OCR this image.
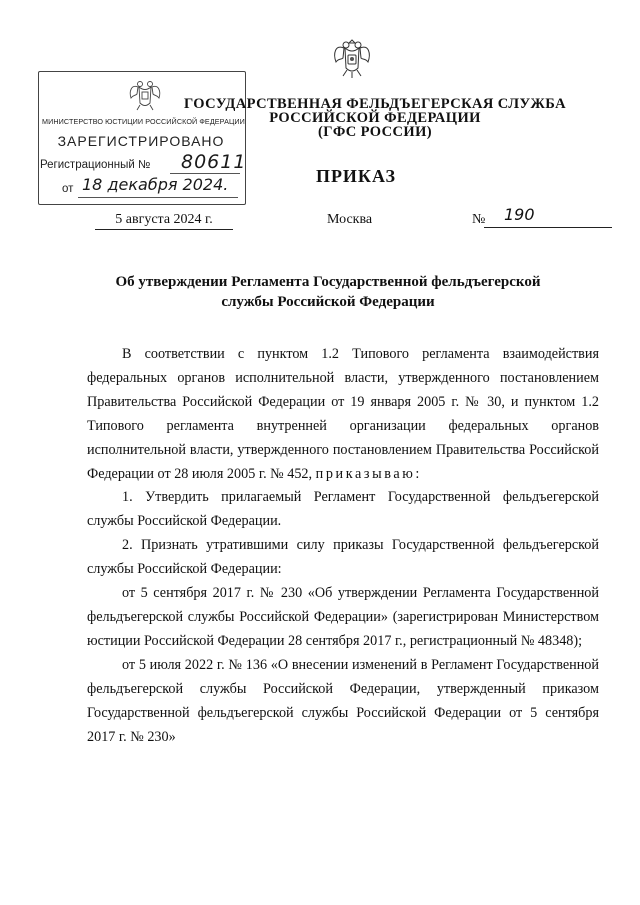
МИНИСТЕРСТВО ЮСТИЦИИ РОССИЙСКОЙ ФЕДЕРАЦИИ
ЗАРЕГИСТРИРОВАНО
Регистрационный № 80611
от 18 декабря 2024.
ГОСУДАРСТВЕННАЯ ФЕЛЬДЪЕГЕРСКАЯ СЛУЖБА
РОССИЙСКОЙ ФЕДЕРАЦИИ
(ГФС РОССИИ)
ПРИКАЗ
5 августа 2024 г.	Москва	№ 190
Об утверждении Регламента Государственной фельдъегерской
службы Российской Федерации

В соответствии с пунктом 1.2 Типового регламента взаимодействия федеральных органов исполнительной власти, утвержденного постановлением Правительства Российской Федерации от 19 января 2005 г. № 30, и пунктом 1.2 Типового регламента внутренней организации федеральных органов исполнительной власти, утвержденного постановлением Правительства Российской Федерации от 28 июля 2005 г. № 452, приказываю:

1. Утвердить прилагаемый Регламент Государственной фельдъегерской службы Российской Федерации.

2. Признать утратившими силу приказы Государственной фельдъегерской службы Российской Федерации:

от 5 сентября 2017 г. № 230 «Об утверждении Регламента Государственной фельдъегерской службы Российской Федерации» (зарегистрирован Министерством юстиции Российской Федерации 28 сентября 2017 г., регистрационный № 48348);

от 5 июля 2022 г. № 136 «О внесении изменений в Регламент Государственной фельдъегерской службы Российской Федерации, утвержденный приказом Государственной фельдъегерской службы Российской Федерации от 5 сентября 2017 г. № 230»
